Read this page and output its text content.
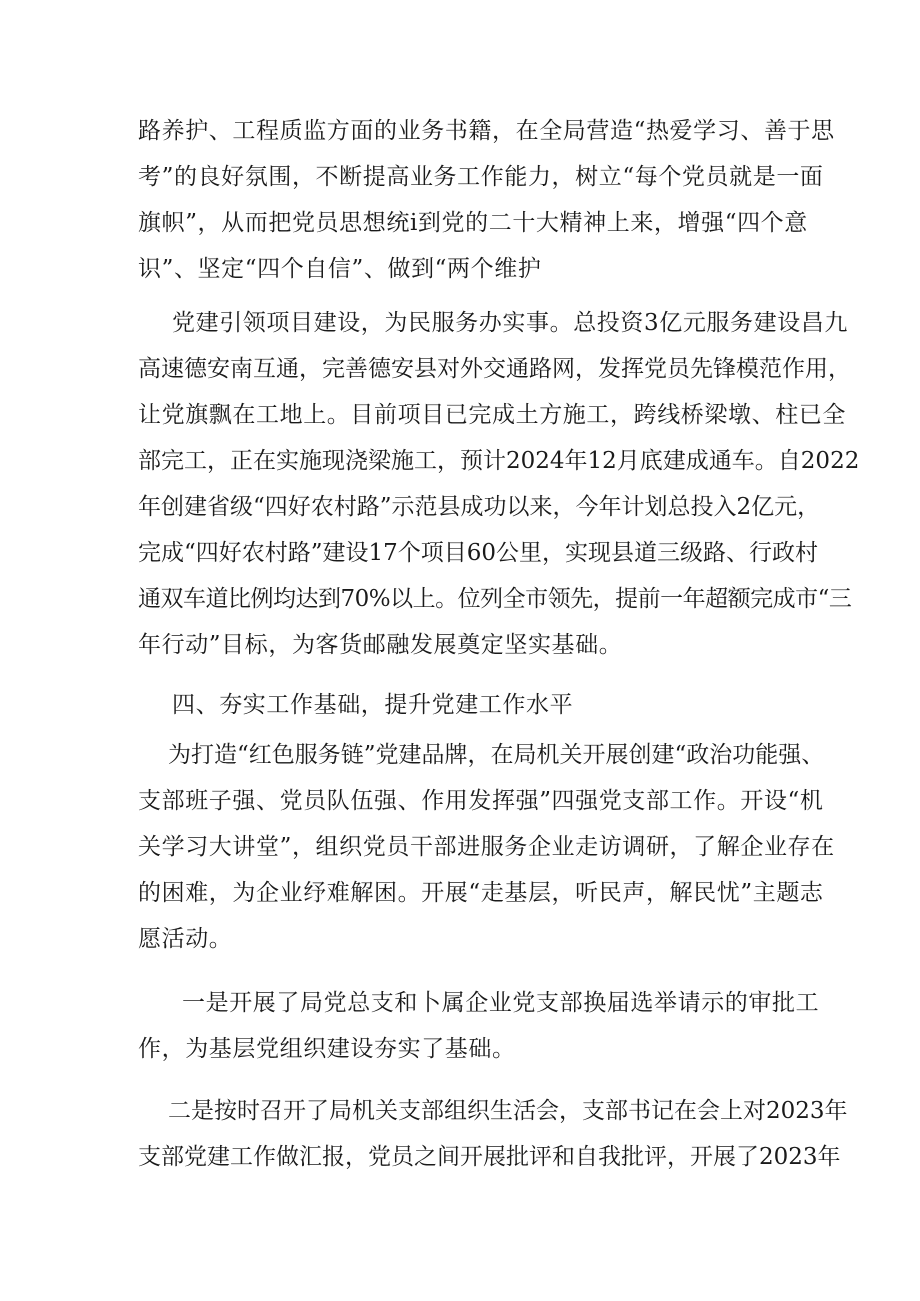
路养护、工程质监方面的业务书籍，在全局营造“热爱学习、善于思
考”的良好氛围，不断提高业务工作能力，树立“每个党员就是一面
旗帜”，从而把党员思想统i到党的二十大精神上来，增强“四个意
识”、坚定“四个自信”、做到“两个维护
党建引领项目建设，为民服务办实事。总投资3亿元服务建设昌九
高速德安南互通，完善德安县对外交通路网，发挥党员先锋模范作用，
让党旗飘在工地上。目前项目已完成土方施工，跨线桥梁墩、柱已全
部完工，正在实施现浇梁施工，预计2024年12月底建成通车。自2022
年创建省级“四好农村路”示范县成功以来，今年计划总投入2亿元，
完成“四好农村路”建设17个项目60公里，实现县道三级路、行政村
通双车道比例均达到70%以上。位列全市领先，提前一年超额完成市“三
年行动”目标，为客货邮融发展奠定坚实基础。
四、夯实工作基础，提升党建工作水平
为打造“红色服务链”党建品牌，在局机关开展创建“政治功能强、
支部班子强、党员队伍强、作用发挥强”四强党支部工作。开设“机
关学习大讲堂”，组织党员干部进服务企业走访调研，了解企业存在
的困难，为企业纾难解困。开展“走基层，听民声，解民忧”主题志
愿活动。
一是开展了局党总支和卜属企业党支部换届选举请示的审批工
作，为基层党组织建设夯实了基础。
二是按时召开了局机关支部组织生活会，支部书记在会上对2023年
支部党建工作做汇报，党员之间开展批评和自我批评，开展了2023年
